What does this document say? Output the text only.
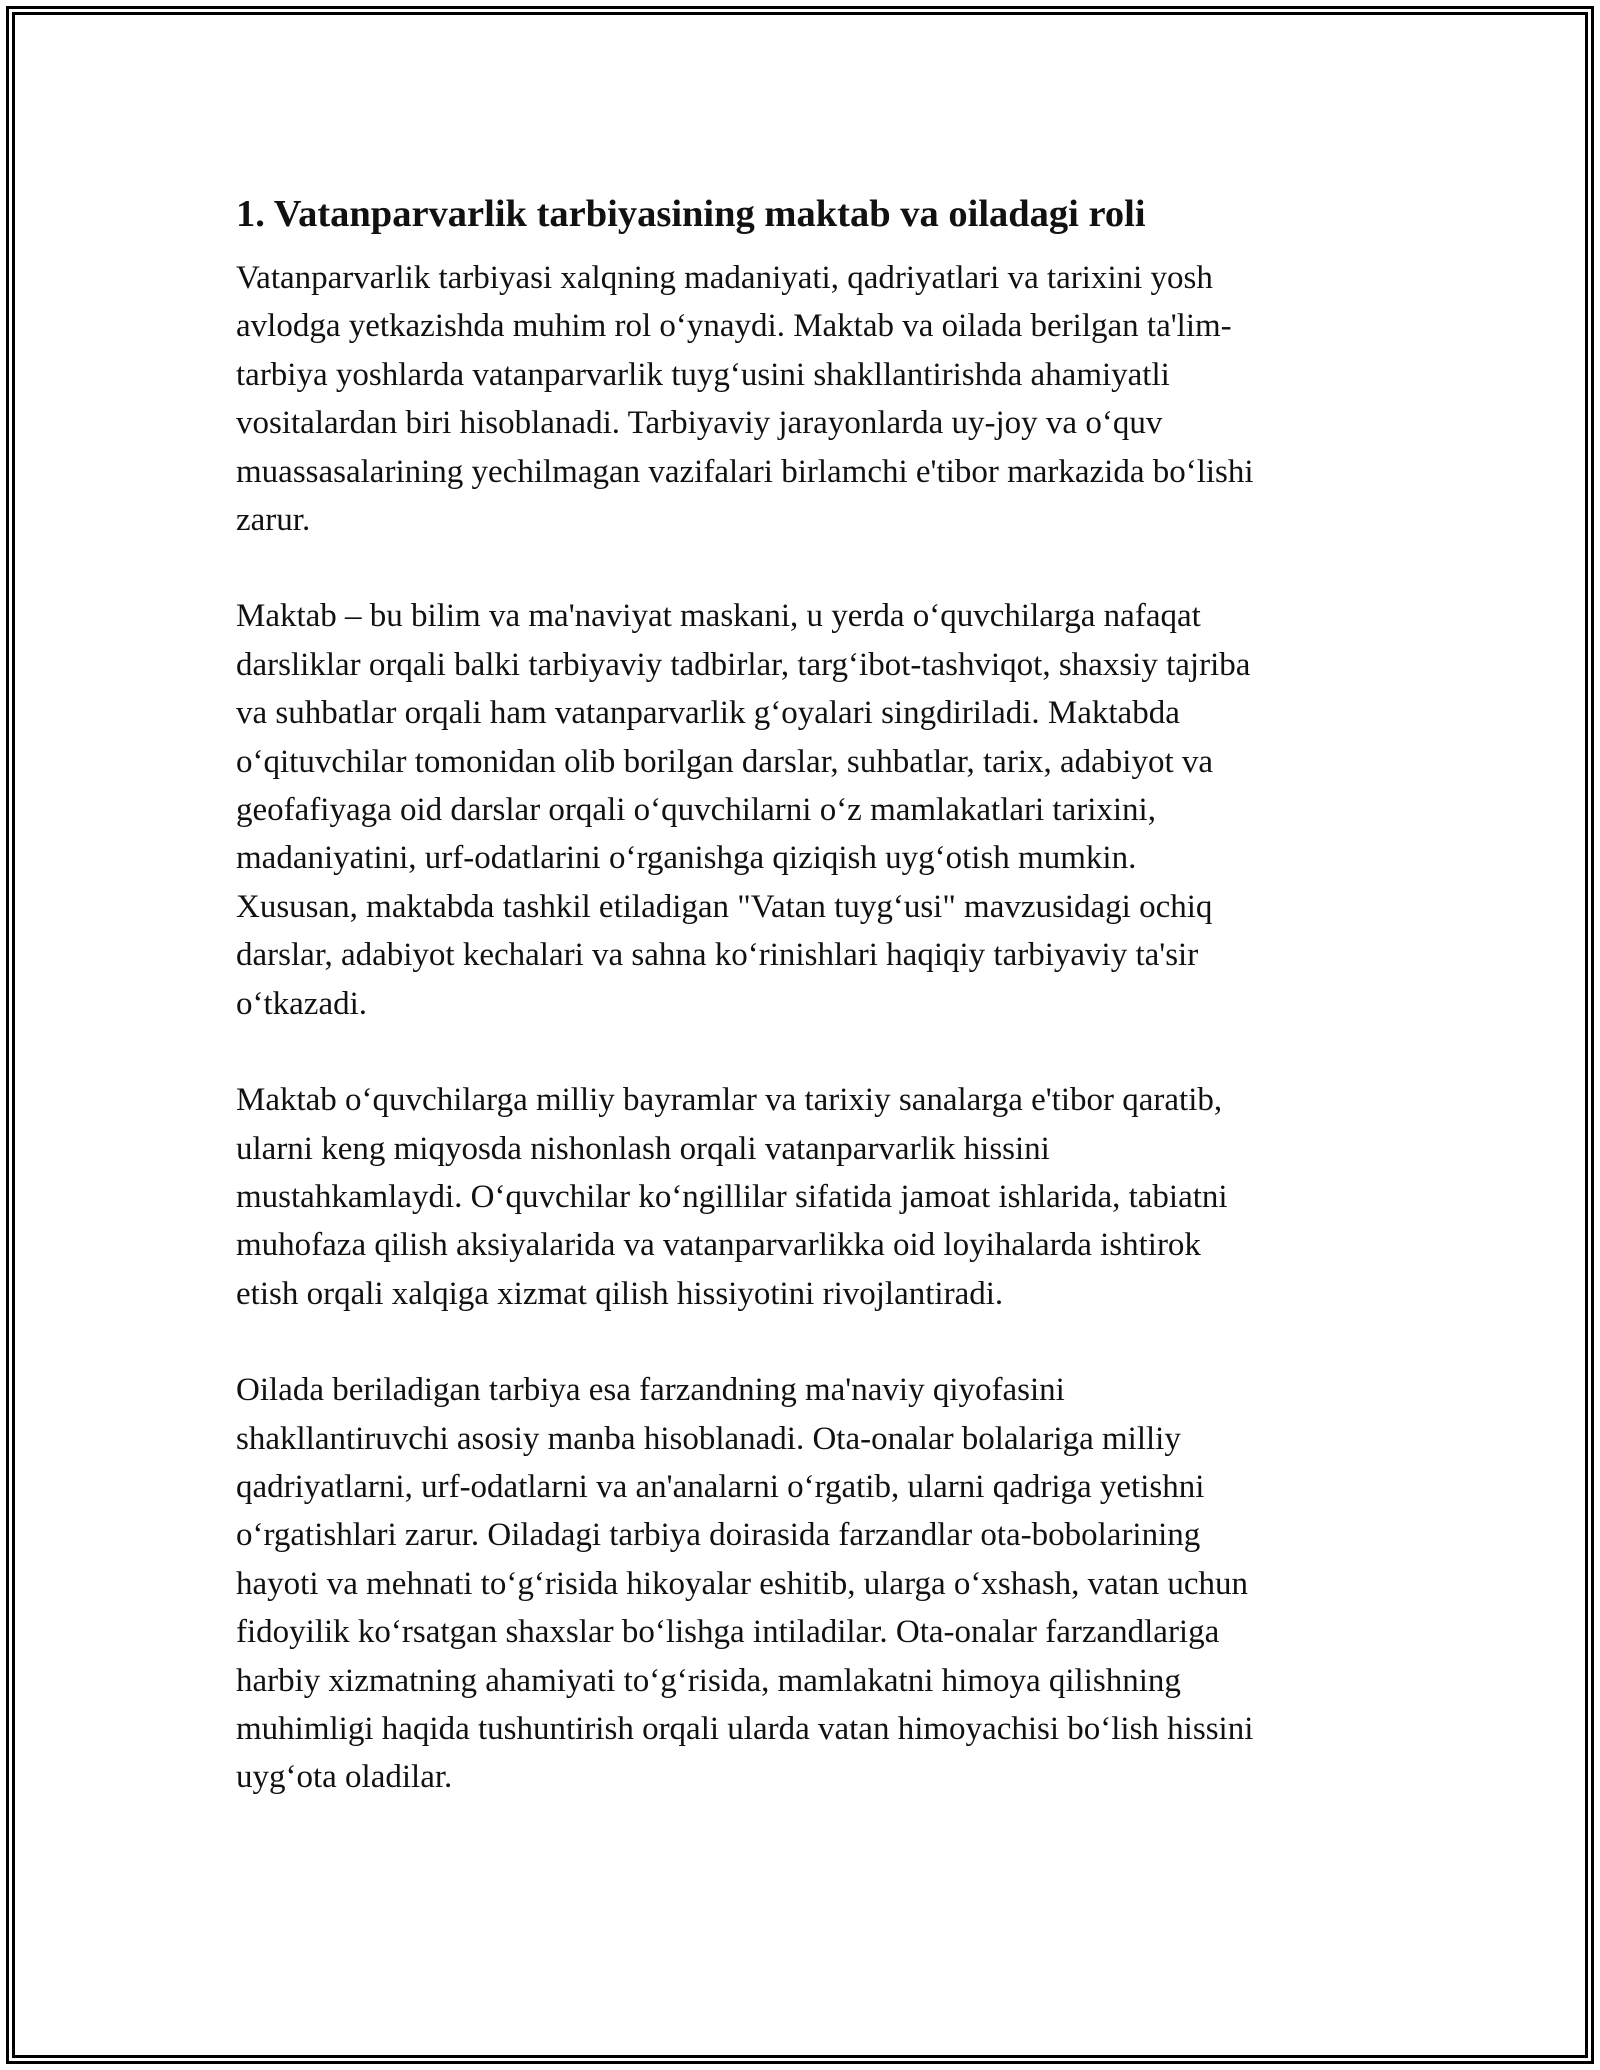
1. Vatanparvarlik tarbiyasining maktab va oiladagi roli

Vatanparvarlik tarbiyasi xalqning madaniyati, qadriyatlari va tarixini yosh
avlodga yetkazishda muhim rol o‘ynaydi. Maktab va oilada berilgan ta'lim-
tarbiya yoshlarda vatanparvarlik tuyg‘usini shakllantirishda ahamiyatli
vositalardan biri hisoblanadi. Tarbiyaviy jarayonlarda uy-joy va o‘quv
muassasalarining yechilmagan vazifalari birlamchi e'tibor markazida bo‘lishi
zarur.

Maktab – bu bilim va ma'naviyat maskani, u yerda o‘quvchilarga nafaqat
darsliklar orqali balki tarbiyaviy tadbirlar, targ‘ibot-tashviqot, shaxsiy tajriba
va suhbatlar orqali ham vatanparvarlik g‘oyalari singdiriladi. Maktabda
o‘qituvchilar tomonidan olib borilgan darslar, suhbatlar, tarix, adabiyot va
geofafiyaga oid darslar orqali o‘quvchilarni o‘z mamlakatlari tarixini,
madaniyatini, urf-odatlarini o‘rganishga qiziqish uyg‘otish mumkin.
Xususan, maktabda tashkil etiladigan "Vatan tuyg‘usi" mavzusidagi ochiq
darslar, adabiyot kechalari va sahna ko‘rinishlari haqiqiy tarbiyaviy ta'sir
o‘tkazadi.

Maktab o‘quvchilarga milliy bayramlar va tarixiy sanalarga e'tibor qaratib,
ularni keng miqyosda nishonlash orqali vatanparvarlik hissini
mustahkamlaydi. O‘quvchilar ko‘ngillilar sifatida jamoat ishlarida, tabiatni
muhofaza qilish aksiyalarida va vatanparvarlikka oid loyihalarda ishtirok
etish orqali xalqiga xizmat qilish hissiyotini rivojlantiradi.

Oilada beriladigan tarbiya esa farzandning ma'naviy qiyofasini
shakllantiruvchi asosiy manba hisoblanadi. Ota-onalar bolalariga milliy
qadriyatlarni, urf-odatlarni va an'analarni o‘rgatib, ularni qadriga yetishni
o‘rgatishlari zarur. Oiladagi tarbiya doirasida farzandlar ota-bobolarining
hayoti va mehnati to‘g‘risida hikoyalar eshitib, ularga o‘xshash, vatan uchun
fidoyilik ko‘rsatgan shaxslar bo‘lishga intiladilar. Ota-onalar farzandlariga
harbiy xizmatning ahamiyati to‘g‘risida, mamlakatni himoya qilishning
muhimligi haqida tushuntirish orqali ularda vatan himoyachisi bo‘lish hissini
uyg‘ota oladilar.
